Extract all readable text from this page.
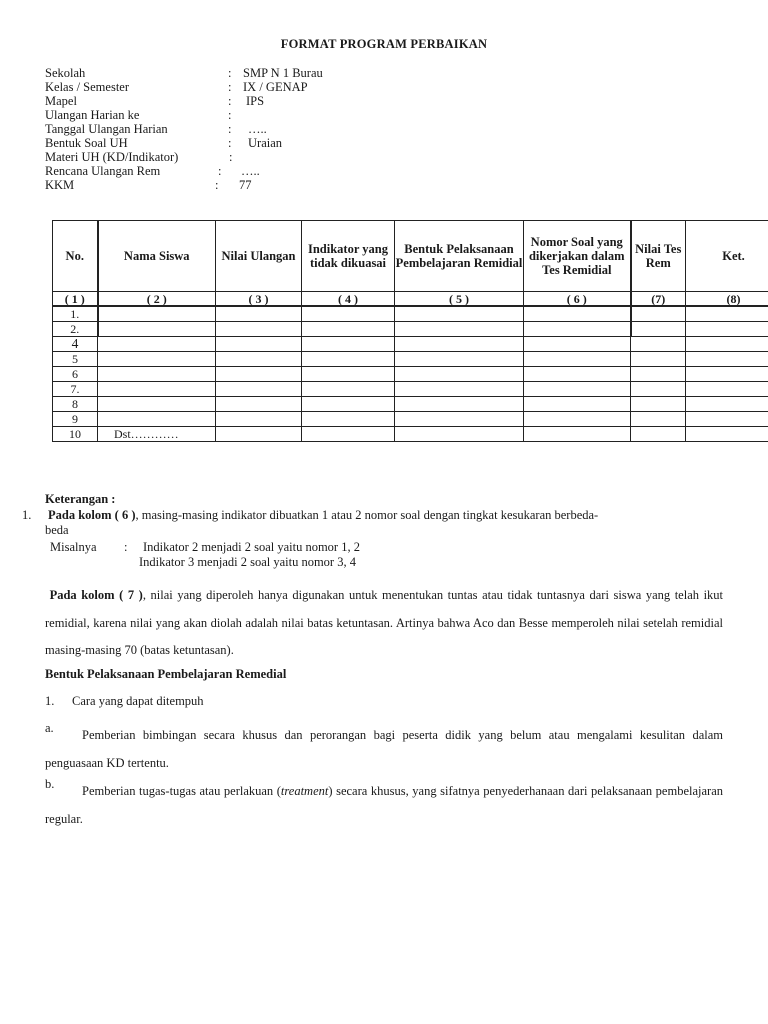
FORMAT PROGRAM PERBAIKAN
Sekolah	: SMP N 1 Burau
Kelas / Semester	: IX / GENAP
Mapel	: IPS
Ulangan Harian ke	:
Tanggal Ulangan Harian	: …..
Bentuk Soal UH	: Uraian
Materi UH (KD/Indikator)	:
Rencana Ulangan Rem	: …..
KKM	: 77
No.	Nama Siswa	Nilai Ulangan	Indikator yang tidak dikuasai	Bentuk Pelaksanaan Pembelajaran Remidial	Nomor Soal yang dikerjakan dalam Tes Remidial	Nilai Tes Rem	Ket.
( 1 )	( 2 )	( 3 )	( 4 )	( 5 )	( 6 )	(7)	(8)
1.							
2.							
4							
5							
6							
7.							
8							
9							
10	Dst…………						
Keterangan :
1. Pada kolom ( 6 ), masing-masing indikator dibuatkan 1 atau 2 nomor soal dengan tingkat kesukaran berbeda-
beda
Misalnya : Indikator 2 menjadi 2 soal yaitu nomor 1, 2
Indikator 3 menjadi 2 soal yaitu nomor 3, 4
Pada kolom ( 7 ), nilai yang diperoleh hanya digunakan untuk menentukan tuntas atau tidak tuntasnya dari siswa yang telah ikut remidial, karena nilai yang akan diolah adalah nilai batas ketuntasan. Artinya bahwa Aco dan Besse memperoleh nilai setelah remidial masing-masing 70 (batas ketuntasan).
Bentuk Pelaksanaan Pembelajaran Remedial
1. Cara yang dapat ditempuh
a.	Pemberian bimbingan secara khusus dan perorangan bagi peserta didik yang belum atau mengalami kesulitan dalam penguasaan KD tertentu.
b.	Pemberian tugas-tugas atau perlakuan (treatment) secara khusus, yang sifatnya penyederhanaan dari pelaksanaan pembelajaran regular.
